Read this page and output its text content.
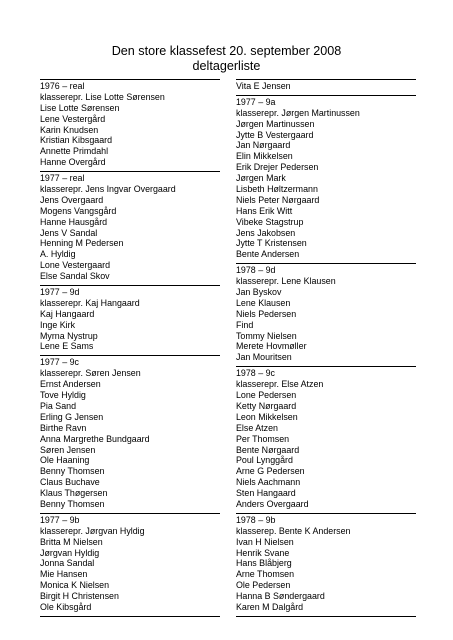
Den store klassefest 20. september 2008
deltagerliste
1976 – real
klasserepr. Lise Lotte Sørensen
Lise Lotte Sørensen
Lene Vestergård
Karin Knudsen
Kristian Kibsgaard
Annette Primdahl
Hanne Overgård
1977 – real
klasserepr. Jens Ingvar Overgaard
Jens Overgaard
Mogens Vangsgård
Hanne Hausgård
Jens V Sandal
Henning M Pedersen
A. Hyldig
Lone Vestergaard
Else Sandal Skov
1977 – 9d
klasserepr. Kaj Hangaard
Kaj Hangaard
Inge Kirk
Myrna Nystrup
Lene E Sams
1977 – 9c
klasserepr. Søren Jensen
Ernst Andersen
Tove Hyldig
Pia Sand
Erling G Jensen
Birthe Ravn
Anna Margrethe Bundgaard
Søren Jensen
Ole Haaning
Benny Thomsen
Claus Buchave
Klaus Thøgersen
Benny Thomsen
1977 – 9b
klasserepr. Jørgvan Hyldig
Britta M Nielsen
Jørgvan Hyldig
Jonna Sandal
Mie Hansen
Monica K Nielsen
Birgit H Christensen
Ole Kibsgård
Vita E Jensen
1977 – 9a
klasserepr. Jørgen Martinussen
Jørgen Martinussen
Jytte B Vestergaard
Jan Nørgaard
Elin Mikkelsen
Erik Drejer Pedersen
Jørgen Mark
Lisbeth Høltzermann
Niels Peter Nørgaard
Hans Erik Witt
Vibeke Stagstrup
Jens Jakobsen
Jytte T Kristensen
Bente Andersen
1978 – 9d
klasserepr. Lene Klausen
Jan Byskov
Lene Klausen
Niels Pedersen
Find
Tommy Nielsen
Merete Hovmøller
Jan Mouritsen
1978 – 9c
klasserepr. Else Atzen
Lone Pedersen
Ketty Nørgaard
Leon Mikkelsen
Else Atzen
Per Thomsen
Bente Nørgaard
Poul Lynggård
Arne G Pedersen
Niels Aachmann
Sten Hangaard
Anders Overgaard
1978 – 9b
klasserep. Bente K Andersen
Ivan H Nielsen
Henrik Svane
Hans Blåbjerg
Arne Thomsen
Ole Pedersen
Hanna B Søndergaard
Karen M Dalgård
